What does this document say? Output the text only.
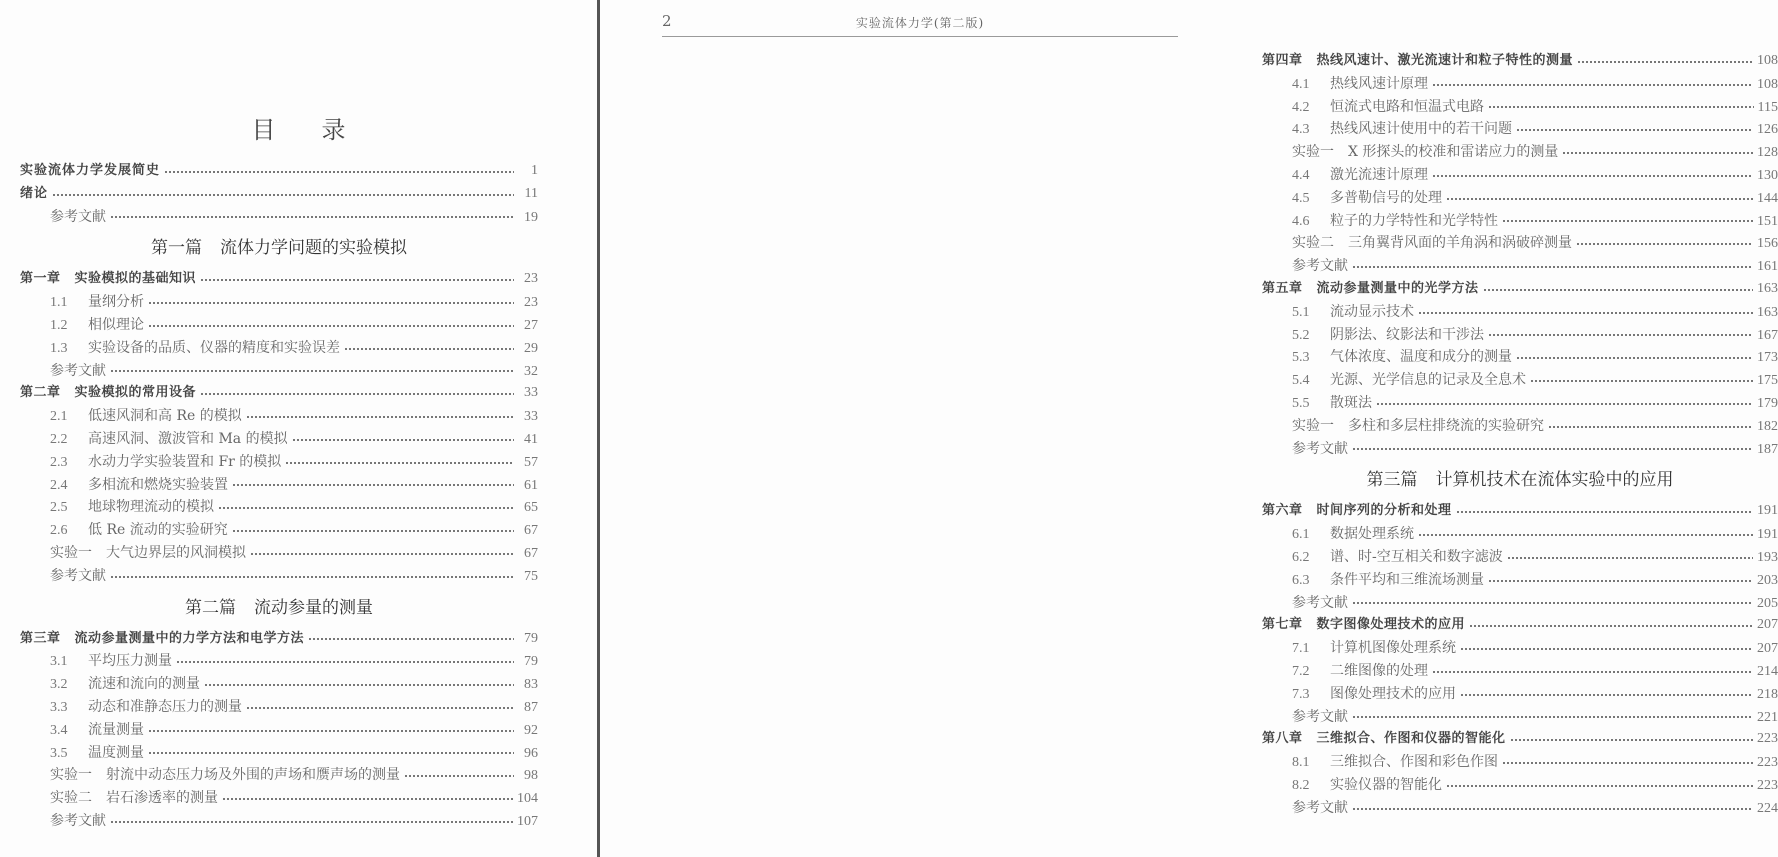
目录
实验流体力学发展简史	1
绪论	11
参考文献	19
第一篇 流体力学问题的实验模拟
第一章 实验模拟的基础知识	23
1.1 量纲分析	23
1.2 相似理论	27
1.3 实验设备的品质、仪器的精度和实验误差	29
参考文献	32
第二章 实验模拟的常用设备	33
2.1 低速风洞和高 Re 的模拟	33
2.2 高速风洞、激波管和 Ma 的模拟	41
2.3 水动力学实验装置和 Fr 的模拟	57
2.4 多相流和燃烧实验装置	61
2.5 地球物理流动的模拟	65
2.6 低 Re 流动的实验研究	67
实验一　大气边界层的风洞模拟	67
参考文献	75
第二篇 流动参量的测量
第三章 流动参量测量中的力学方法和电学方法	79
3.1 平均压力测量	79
3.2 流速和流向的测量	83
3.3 动态和准静态压力的测量	87
3.4 流量测量	92
3.5 温度测量	96
实验一　射流中动态压力场及外围的声场和赝声场的测量	98
实验二　岩石渗透率的测量	104
参考文献	107
2	实验流体力学(第二版)
第四章 热线风速计、激光流速计和粒子特性的测量	108
4.1 热线风速计原理	108
4.2 恒流式电路和恒温式电路	115
4.3 热线风速计使用中的若干问题	126
实验一　X 形探头的校准和雷诺应力的测量	128
4.4 激光流速计原理	130
4.5 多普勒信号的处理	144
4.6 粒子的力学特性和光学特性	151
实验二　三角翼背风面的羊角涡和涡破碎测量	156
参考文献	161
第五章 流动参量测量中的光学方法	163
5.1 流动显示技术	163
5.2 阴影法、纹影法和干涉法	167
5.3 气体浓度、温度和成分的测量	173
5.4 光源、光学信息的记录及全息术	175
5.5 散斑法	179
实验一　多柱和多层柱排绕流的实验研究	182
参考文献	187
第三篇 计算机技术在流体实验中的应用
第六章 时间序列的分析和处理	191
6.1 数据处理系统	191
6.2 谱、时-空互相关和数字滤波	193
6.3 条件平均和三维流场测量	203
参考文献	205
第七章 数字图像处理技术的应用	207
7.1 计算机图像处理系统	207
7.2 二维图像的处理	214
7.3 图像处理技术的应用	218
参考文献	221
第八章 三维拟合、作图和仪器的智能化	223
8.1 三维拟合、作图和彩色作图	223
8.2 实验仪器的智能化	223
参考文献	224
